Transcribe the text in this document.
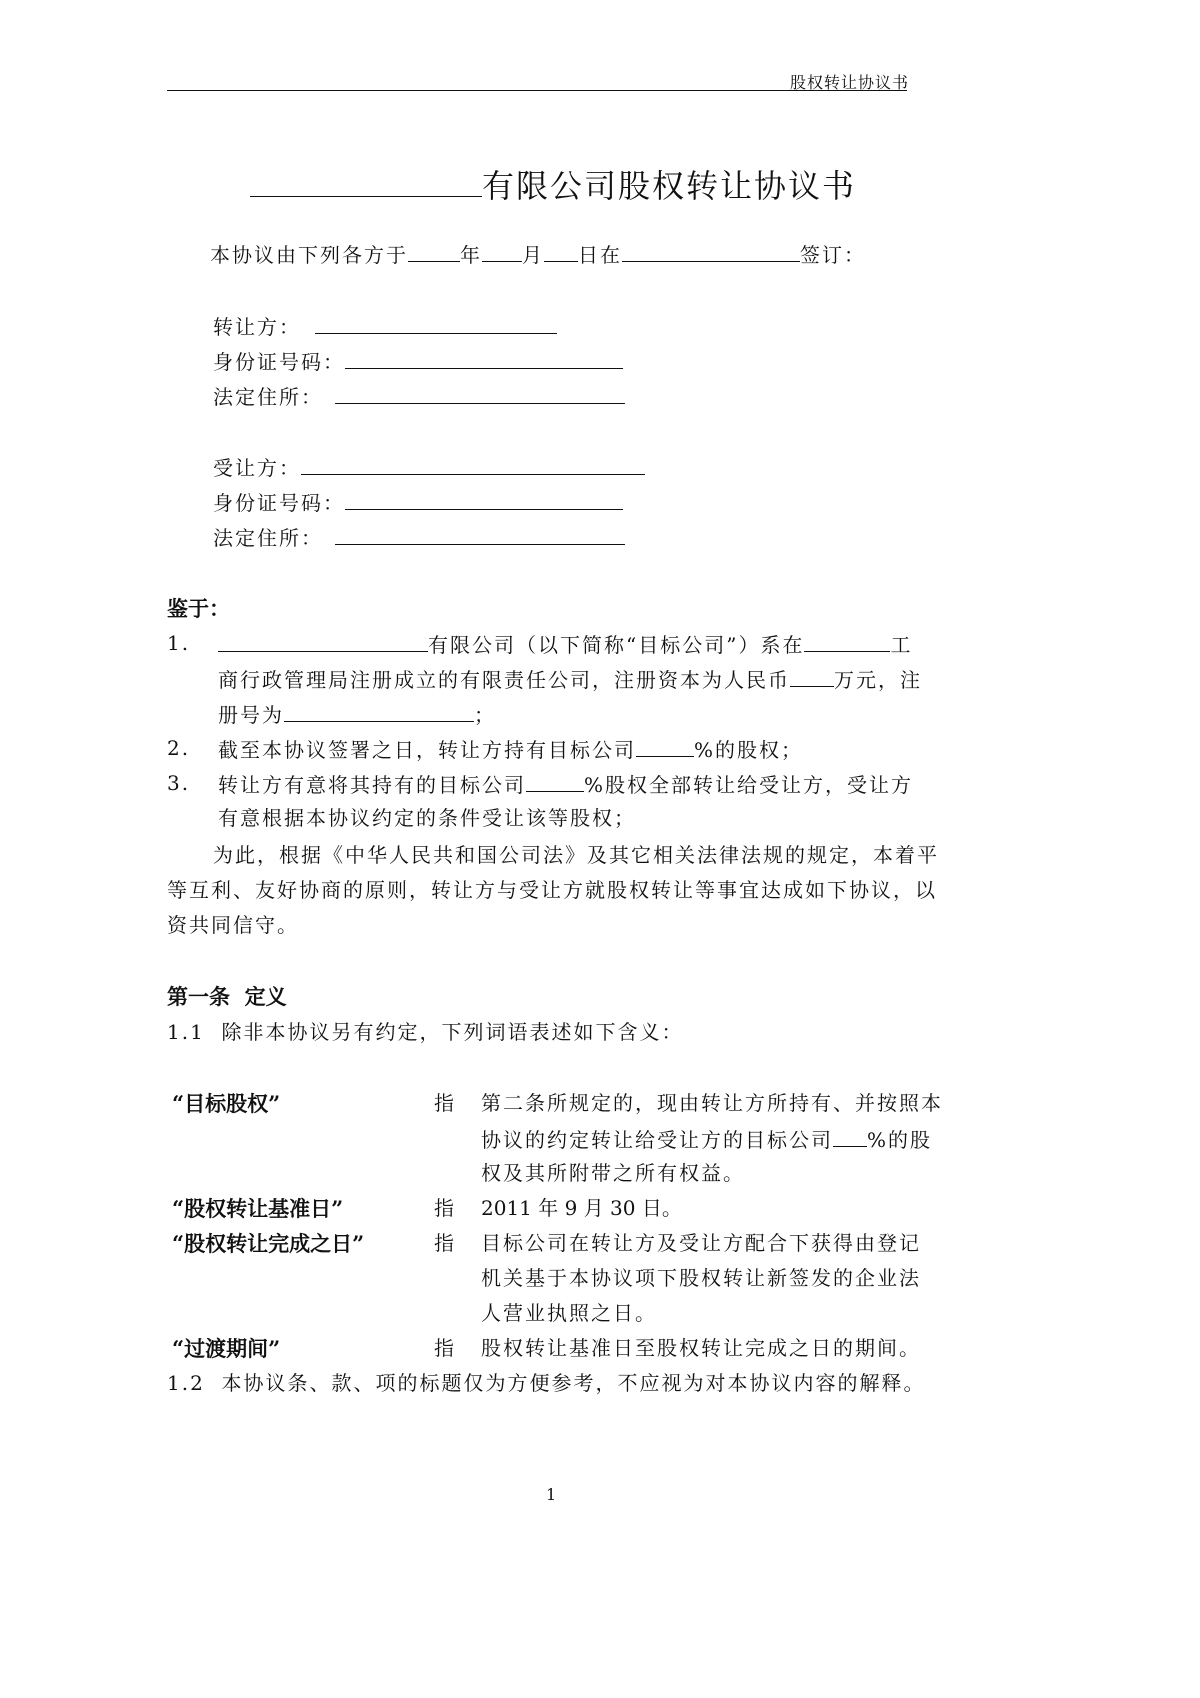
股权转让协议书
有限公司股权转让协议书
本协议由下列各方于	年 月 日在	签订：
转让方：
身份证号码：
法定住所：
受让方：
身份证号码：
法定住所：
鉴于：
1.	有限公司（以下简称“目标公司”）系在	工
商行政管理局注册成立的有限责任公司，注册资本为人民币 万元，注
册号为	；
2. 截至本协议签署之日，转让方持有目标公司	%的股权；
3. 转让方有意将其持有的目标公司	%股权全部转让给受让方，受让方
有意根据本协议约定的条件受让该等股权；
为此，根据《中华人民共和国公司法》及其它相关法律法规的规定，本着平
等互利、友好协商的原则，转让方与受让方就股权转让等事宜达成如下协议，以
资共同信守。
第一条  定义
1.1  除非本协议另有约定，下列词语表述如下含义：
“目标股权”	指 第二条所规定的，现由转让方所持有、并按照本
协议的约定转让给受让方的目标公司 %的股
权及其所附带之所有权益。
“股权转让基准日”	指 2011 年 9 月 30 日。
“股权转让完成之日”	指 目标公司在转让方及受让方配合下获得由登记
机关基于本协议项下股权转让新签发的企业法
人营业执照之日。
“过渡期间”	指 股权转让基准日至股权转让完成之日的期间。
1.2  本协议条、款、项的标题仅为方便参考，不应视为对本协议内容的解释。
1
